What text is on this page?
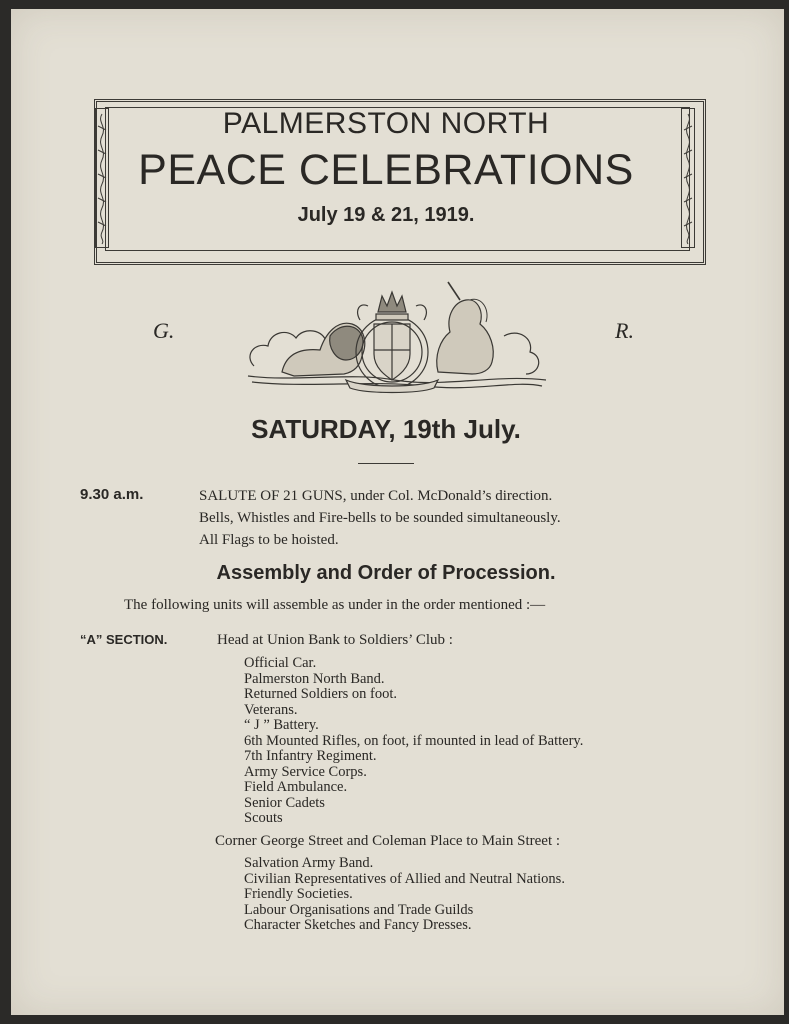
PALMERSTON NORTH
PEACE CELEBRATIONS
July 19 & 21, 1919.
G.	R.
SATURDAY, 19th July.
9.30 a.m.	SALUTE OF 21 GUNS, under Col. McDonald’s direction.
Bells, Whistles and Fire-bells to be sounded simultaneously.
All Flags to be hoisted.
Assembly and Order of Procession.
The following units will assemble as under in the order mentioned :—
“A” SECTION.	Head at Union Bank to Soldiers’ Club :
Official Car.
Palmerston North Band.
Returned Soldiers on foot.
Veterans.
“ J ” Battery.
6th Mounted Rifles, on foot, if mounted in lead of Battery.
7th Infantry Regiment.
Army Service Corps.
Field Ambulance.
Senior Cadets
Scouts
Corner George Street and Coleman Place to Main Street :
Salvation Army Band.
Civilian Representatives of Allied and Neutral Nations.
Friendly Societies.
Labour Organisations and Trade Guilds
Character Sketches and Fancy Dresses.
